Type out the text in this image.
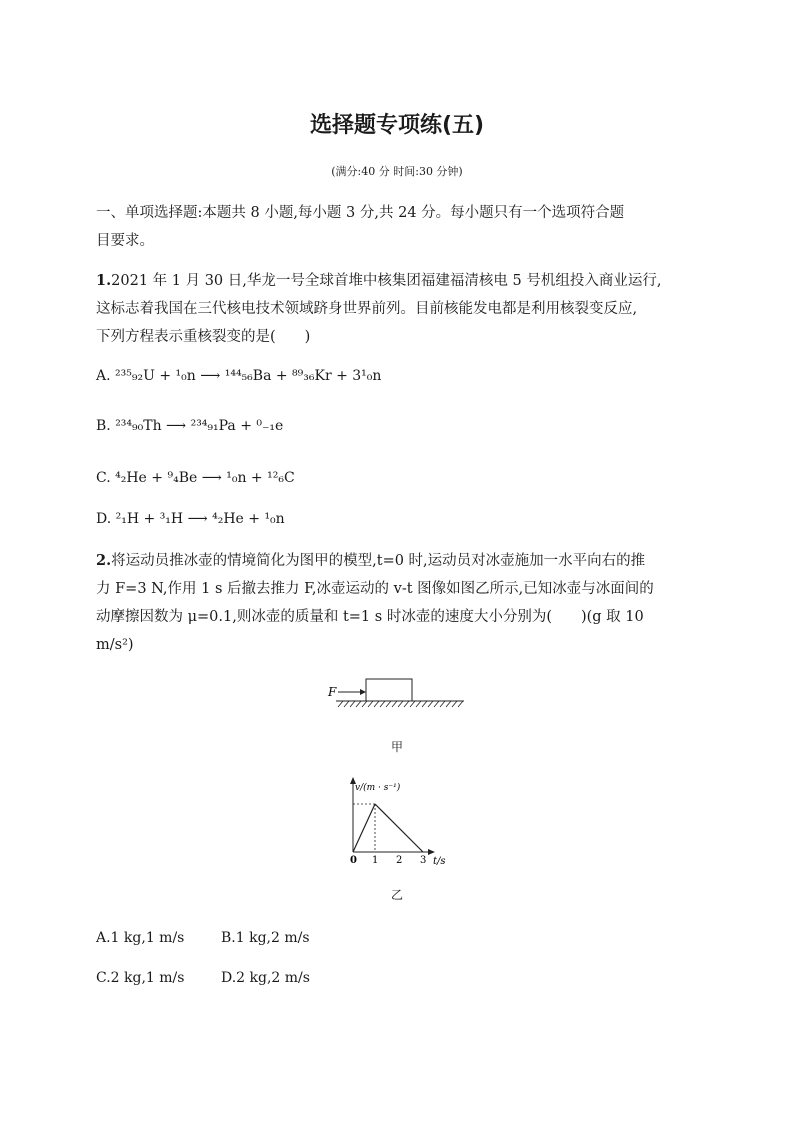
选择题专项练(五)
(满分:40 分 时间:30 分钟)
一、单项选择题:本题共 8 小题,每小题 3 分,共 24 分。每小题只有一个选项符合题
目要求。
1.2021 年 1 月 30 日,华龙一号全球首堆中核集团福建福清核电 5 号机组投入商业运行,
这标志着我国在三代核电技术领域跻身世界前列。目前核能发电都是利用核裂变反应,
下列方程表示重核裂变的是(　　)
A. ²³⁵₉₂U + ¹₀n ⟶ ¹⁴⁴₅₆Ba + ⁸⁹₃₆Kr + 3¹₀n
B. ²³⁴₉₀Th ⟶ ²³⁴₉₁Pa + ⁰₋₁e
C. ⁴₂He + ⁹₄Be ⟶ ¹₀n + ¹²₆C
D. ²₁H + ³₁H ⟶ ⁴₂He + ¹₀n
2.将运动员推冰壶的情境简化为图甲的模型,t=0 时,运动员对冰壶施加一水平向右的推
力 F=3 N,作用 1 s 后撤去推力 F,冰壶运动的 v-t 图像如图乙所示,已知冰壶与冰面间的
动摩擦因数为 μ=0.1,则冰壶的质量和 t=1 s 时冰壶的速度大小分别为(　　)(g 取 10
m/s²)
F
甲
v/(m · s⁻¹)
t/s
0 1 2 3
乙
A.1 kg,1 m/s	B.1 kg,2 m/s
C.2 kg,1 m/s	D.2 kg,2 m/s
